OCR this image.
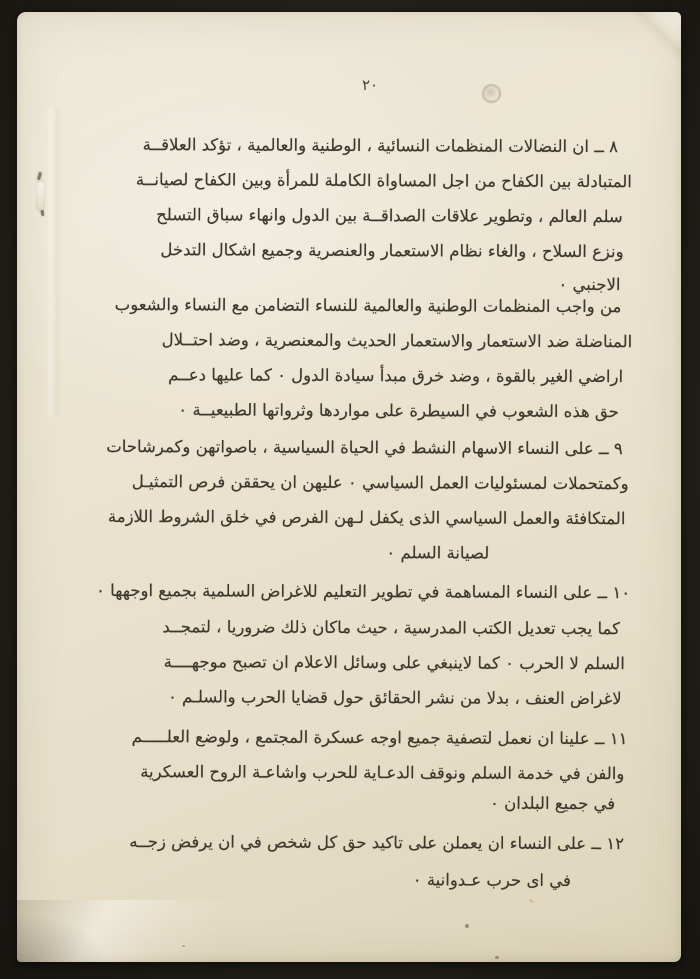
٢٠
٨ ــ ان النضالات المنظمات النسائية ، الوطنية والعالمية ، تؤكد العلاقــة
المتبادلة بين الكفاح من اجل المساواة الكاملة للمرأة وبين الكفاح لصيانــة
سلم العالم ، وتطوير علاقات الصداقــة بين الدول وانهاء سباق التسلح
ونزع السلاح ، والغاء نظام الاستعمار والعنصرية وجميع اشكال التدخل
الاجنبي ٠
من واجب المنظمات الوطنية والعالمية للنساء التضامن مع النساء والشعوب
المناضلة ضد الاستعمار والاستعمار الحديث والمعنصرية ، وضد احتــلال
اراضي الغير بالقوة ، وضد خرق مبدأ سيادة الدول ٠ كما عليها دعــم
حق هذه الشعوب في السيطرة على مواردها وثرواتها الطبيعيــة ٠
٩ ــ على النساء الاسهام النشط في الحياة السياسية ، باصواتهن وكمرشاحات
وكمتحملات لمسئوليات العمل السياسي ٠ عليهن ان يحققن فرص التمثيـل
المتكافئة والعمل السياسي الذى يكفل لـهن الفرص في خلق الشروط اللازمة
لصيانة السلم ٠
١٠ ــ على النساء المساهمة في تطوير التعليم للاغراض السلمية بجميع اوجهها ٠
كما يجب تعديل الكتب المدرسية ، حيث ماكان ذلك ضروريا ، لتمجــد
السلم لا الحرب ٠ كما لاينبغي على وسائل الاعلام ان تصبح موجهــــة
لاغراض العنف ، بدلا من نشر الحقائق حول قضايا الحرب والسلـم ٠
١١ ــ علينا ان نعمل لتصفية جميع اوجه عسكرة المجتمع ، ولوضع العلـــــم
والفن في خدمة السلم ونوقف الدعـاية للحرب واشاعـة الروح العسكرية
في جميع البلدان ٠
١٢ ــ على النساء ان يعملن على تاكيد حق كل شخص في ان يرفض زجــه
في اى حرب عـدوانية ٠
